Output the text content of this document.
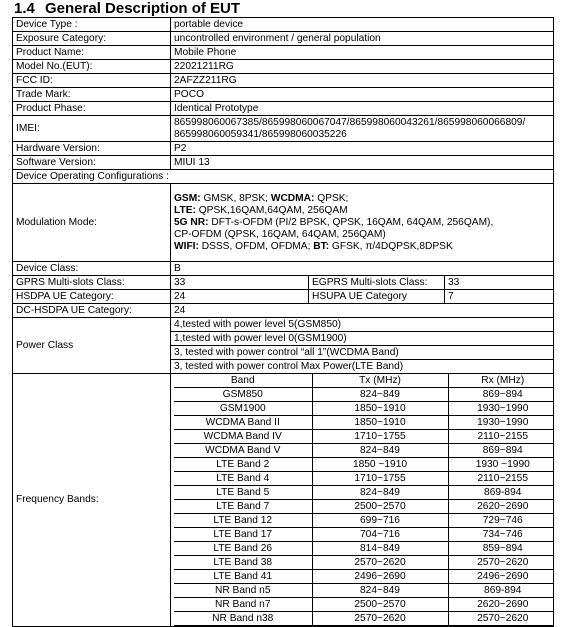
1.4 General Description of EUT
Device Type :	portable device
Exposure Category:	uncontrolled environment / general population
Product Name:	Mobile Phone
Model No.(EUT):	22021211RG
FCC ID:	2AFZZ211RG
Trade Mark:	POCO
Product Phase:	Identical Prototype
IMEI:	
865998060067385/865998060067047/865998060043261/865998060066809/
865998060059341/865998060035226

Hardware Version:	P2
Software Version:	MIUI 13
Device Operating Configurations :
Modulation Mode:	
GSM: GMSK, 8PSK; WCDMA: QPSK;
LTE: QPSK,16QAM,64QAM, 256QAM
5G NR: DFT-s-OFDM (PI/2 BPSK, QPSK, 16QAM, 64QAM, 256QAM),
CP-OFDM (QPSK, 16QAM, 64QAM, 256QAM)
WIFI: DSSS, OFDM, OFDMA; BT: GFSK, π/4DQPSK,8DPSK

Device Class:	B
GPRS Multi-slots Class:	33	EGPRS Multi-slots Class:	33
HSDPA UE Category:	24	HSUPA UE Category	7
DC-HSDPA UE Category:	24
Power Class	4,tested with power level 5(GSM850)
1,tested with power level 0(GSM1900)
3, tested with power control “all 1”(WCDMA Band)
3, tested with power control Max Power(LTE Band)
Frequency Bands:	
Band	Tx (MHz)	Rx (MHz)
GSM850	824~849	869~894
GSM1900	1850~1910	1930~1990
WCDMA Band II	1850~1910	1930~1990
WCDMA Band IV	1710~1755	2110~2155
WCDMA Band V	824~849	869~894
LTE Band 2	1850 ~1910	1930 ~1990
LTE Band 4	1710~1755	2110~2155
LTE Band 5	824~849	869-894
LTE Band 7	2500~2570	2620~2690
LTE Band 12	699~716	729~746
LTE Band 17	704~716	734~746
LTE Band 26	814~849	859~894
LTE Band 38	2570~2620	2570~2620
LTE Band 41	2496~2690	2496~2690
NR Band n5	824~849	869-894
NR Band n7	2500~2570	2620~2690
NR Band n38	2570~2620	2570~2620
